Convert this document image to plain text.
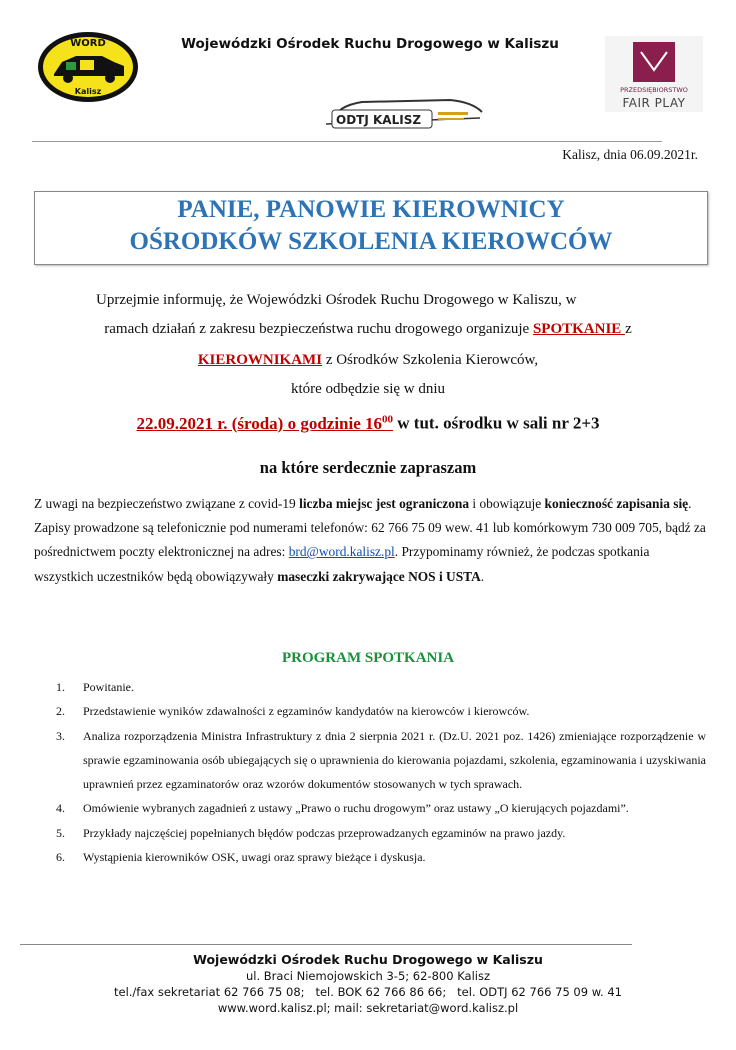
WORD
Kalisz
Wojewódzki Ośrodek Ruchu Drogowego w Kaliszu
ODTJ KALISZ
PRZEDSIĘBIORSTWO
FAIR PLAY
Kalisz, dnia 06.09.2021r.
PANIE, PANOWIE KIEROWNICY
OŚRODKÓW SZKOLENIA KIEROWCÓW
Uprzejmie informuję, że Wojewódzki Ośrodek Ruchu Drogowego w Kaliszu, w
ramach działań z zakresu bezpieczeństwa ruchu drogowego organizuje SPOTKANIE z
KIEROWNIKAMI z Ośrodków Szkolenia Kierowców,
które odbędzie się w dniu
22.09.2021 r. (środa) o godzinie $16^{00}$ w tut. ośrodku w sali nr 2+3
na które serdecznie zapraszam
Z uwagi na bezpieczeństwo związane z covid-19 liczba miejsc jest ograniczona i obowiązuje konieczność zapisania się. Zapisy prowadzone są telefonicznie pod numerami telefonów: 62 766 75 09 wew. 41 lub komórkowym 730 009 705, bądź za pośrednictwem poczty elektronicznej na adres: brd@word.kalisz.pl. Przypominamy również, że podczas spotkania wszystkich uczestników będą obowiązywały maseczki zakrywające NOS i USTA.
PROGRAM SPOTKANIA
1. Powitanie.
2. Przedstawienie wyników zdawalności z egzaminów kandydatów na kierowców i kierowców.
3. Analiza rozporządzenia Ministra Infrastruktury z dnia 2 sierpnia 2021 r. (Dz.U. 2021 poz. 1426) zmieniające rozporządzenie w sprawie egzaminowania osób ubiegających się o uprawnienia do kierowania pojazdami, szkolenia, egzaminowania i uzyskiwania uprawnień przez egzaminatorów oraz wzorów dokumentów stosowanych w tych sprawach.
4. Omówienie wybranych zagadnień z ustawy „Prawo o ruchu drogowym” oraz ustawy „O kierujących pojazdami”.
5. Przykłady najczęściej popełnianych błędów podczas przeprowadzanych egzaminów na prawo jazdy.
6. Wystąpienia kierowników OSK, uwagi oraz sprawy bieżące i dyskusja.
Wojewódzki Ośrodek Ruchu Drogowego w Kaliszu
ul. Braci Niemojowskich 3-5; 62-800 Kalisz
tel./fax sekretariat 62 766 75 08;   tel. BOK 62 766 86 66;   tel. ODTJ 62 766 75 09 w. 41
www.word.kalisz.pl; mail: sekretariat@word.kalisz.pl
